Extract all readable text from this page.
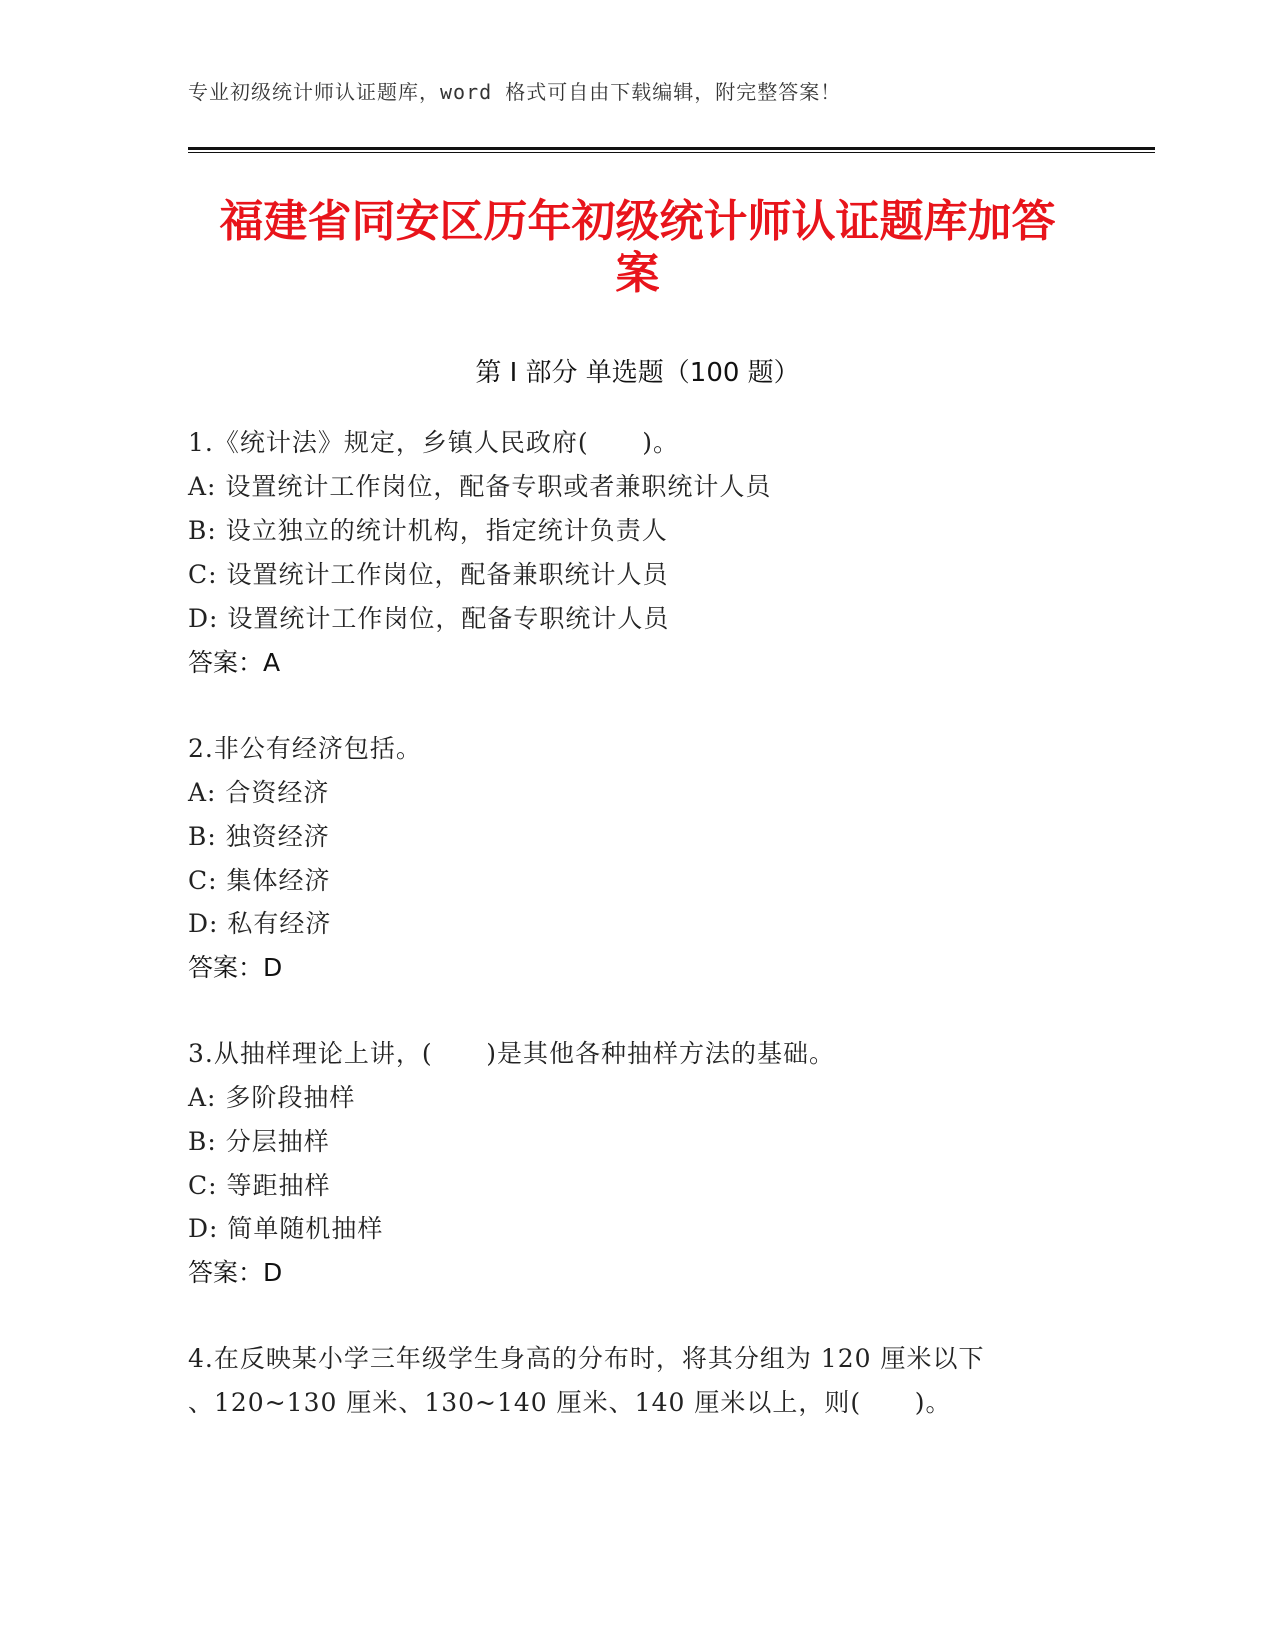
专业初级统计师认证题库，word 格式可自由下载编辑，附完整答案！
福建省同安区历年初级统计师认证题库加答
案
第 I 部分 单选题（100 题）
1.《统计法》规定，乡镇人民政府(      )。
A: 设置统计工作岗位，配备专职或者兼职统计人员
B: 设立独立的统计机构，指定统计负责人
C: 设置统计工作岗位，配备兼职统计人员
D: 设置统计工作岗位，配备专职统计人员
答案：A
2.非公有经济包括。
A: 合资经济
B: 独资经济
C: 集体经济
D: 私有经济
答案：D
3.从抽样理论上讲，(      )是其他各种抽样方法的基础。
A: 多阶段抽样
B: 分层抽样
C: 等距抽样
D: 简单随机抽样
答案：D
4.在反映某小学三年级学生身高的分布时，将其分组为 120 厘米以下
、120~130 厘米、130~140 厘米、140 厘米以上，则(      )。
